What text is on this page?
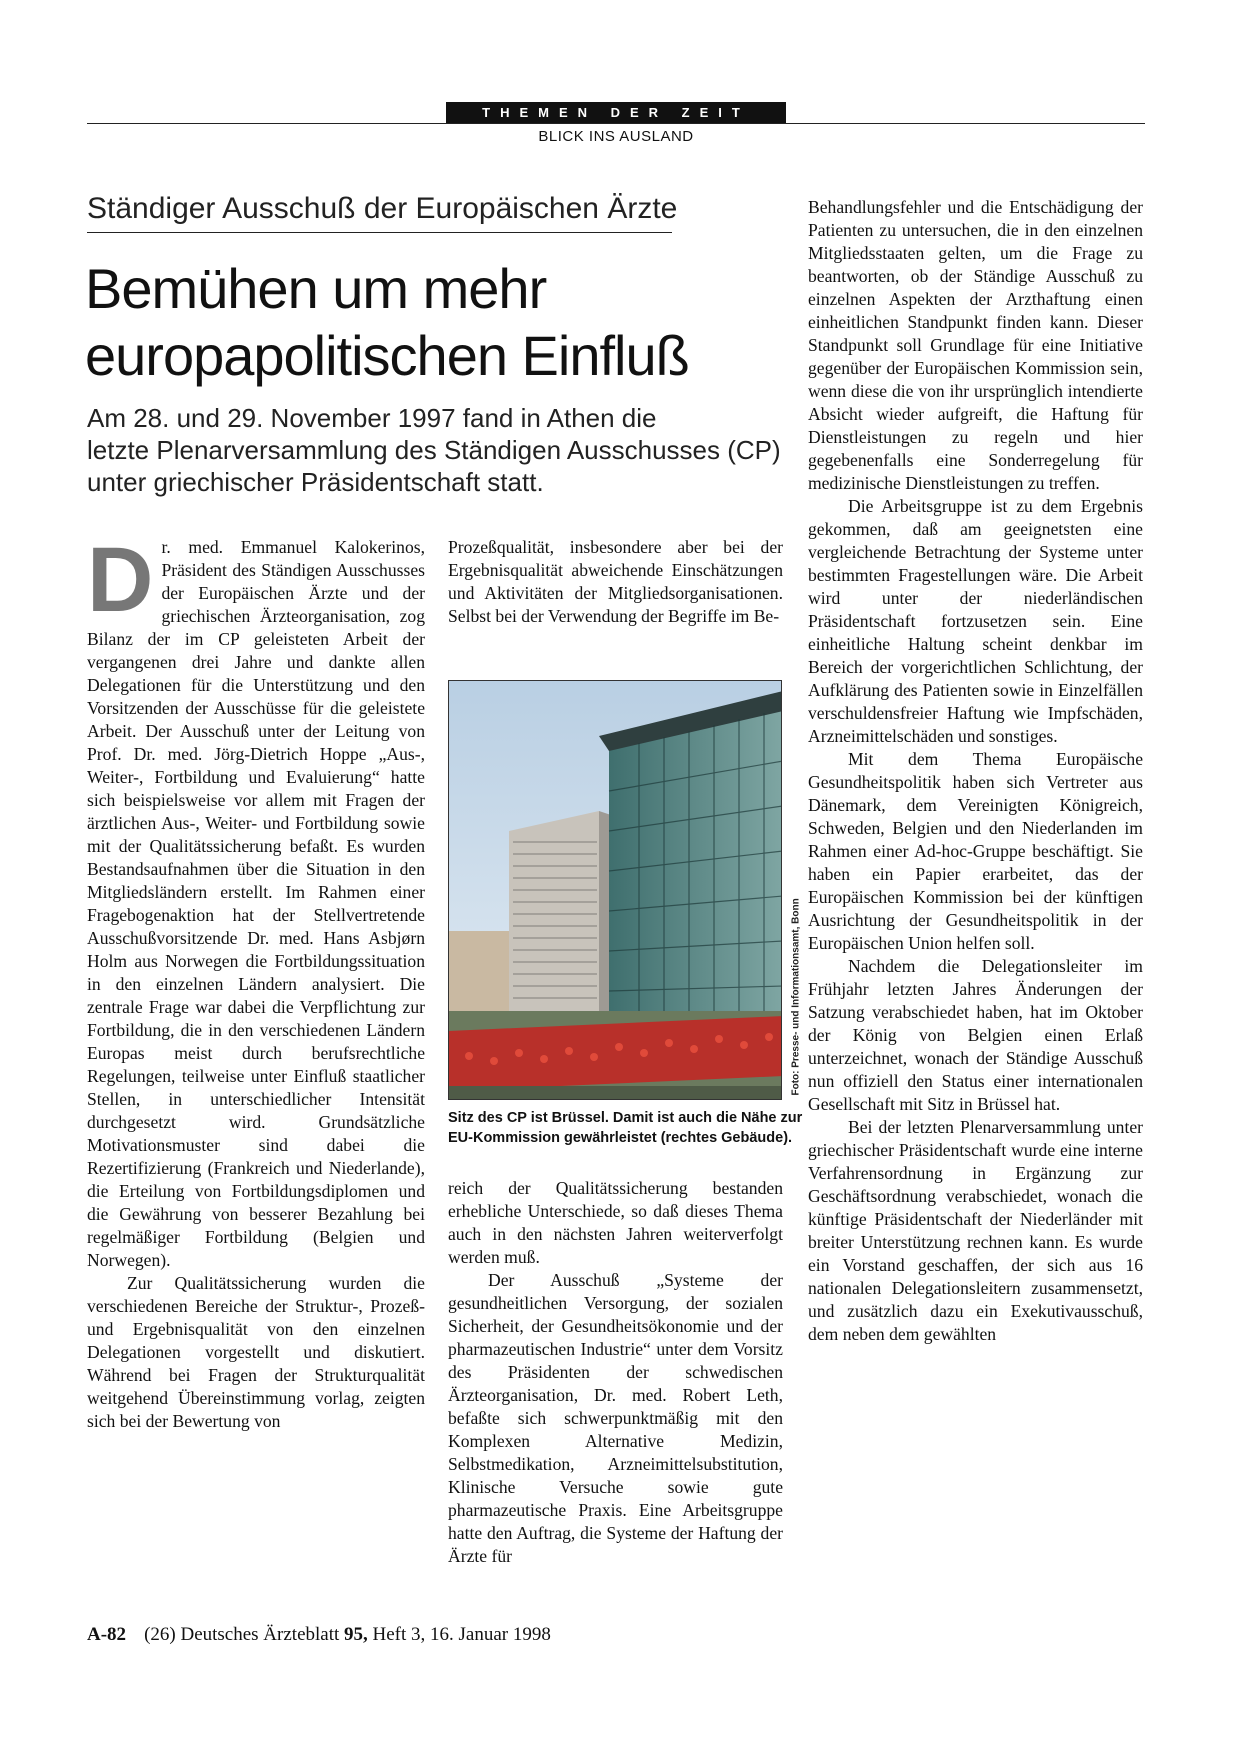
THEMEN DER ZEIT
BLICK INS AUSLAND
Ständiger Ausschuß der Europäischen Ärzte
Bemühen um mehr
europapolitischen Einfluß
Am 28. und 29. November 1997 fand in Athen die
letzte Plenarversammlung des Ständigen Ausschusses (CP)
unter griechischer Präsidentschaft statt.
D r. med. Emmanuel Kalokerinos, Präsident des Ständigen Ausschusses der Europäischen Ärzte und der griechischen Ärzteorganisation, zog Bilanz der im CP geleisteten Arbeit der vergangenen drei Jahre und dankte allen Delegationen für die Unterstützung und den Vorsitzenden der Ausschüsse für die geleistete Arbeit. Der Ausschuß unter der Leitung von Prof. Dr. med. Jörg-Dietrich Hoppe „Aus-, Weiter-, Fortbildung und Evaluierung“ hatte sich beispielsweise vor allem mit Fragen der ärztlichen Aus-, Weiter- und Fortbildung sowie mit der Qualitätssicherung befaßt. Es wurden Bestandsaufnahmen über die Situation in den Mitgliedsländern erstellt. Im Rahmen einer Fragebogenaktion hat der Stellvertretende Ausschußvorsitzende Dr. med. Hans Asbjørn Holm aus Norwegen die Fortbildungssituation in den einzelnen Ländern analysiert. Die zentrale Frage war dabei die Verpflichtung zur Fortbildung, die in den verschiedenen Ländern Europas meist durch berufsrechtliche Regelungen, teilweise unter Einfluß staatlicher Stellen, in unterschiedlicher Intensität durchgesetzt wird. Grundsätzliche Motivationsmuster sind dabei die Rezertifizierung (Frankreich und Niederlande), die Erteilung von Fortbildungsdiplomen und die Gewährung von besserer Bezahlung bei regelmäßiger Fortbildung (Belgien und Norwegen).

Zur Qualitätssicherung wurden die verschiedenen Bereiche der Struktur-, Prozeß- und Ergebnisqualität von den einzelnen Delegationen vorgestellt und diskutiert. Während bei Fragen der Strukturqualität weitgehend Übereinstimmung vorlag, zeigten sich bei der Bewertung von

Prozeßqualität, insbesondere aber bei der Ergebnisqualität abweichende Einschätzungen und Aktivitäten der Mitgliedsorganisationen. Selbst bei der Verwendung der Begriffe im Be-

Foto: Presse- und Informationsamt, Bonn
Sitz des CP ist Brüssel. Damit ist auch die Nähe zur
EU-Kommission gewährleistet (rechtes Gebäude).

reich der Qualitätssicherung bestanden erhebliche Unterschiede, so daß dieses Thema auch in den nächsten Jahren weiterverfolgt werden muß.

Der Ausschuß „Systeme der gesundheitlichen Versorgung, der sozialen Sicherheit, der Gesundheitsökonomie und der pharmazeutischen Industrie“ unter dem Vorsitz des Präsidenten der schwedischen Ärzteorganisation, Dr. med. Robert Leth, befaßte sich schwerpunktmäßig mit den Komplexen Alternative Medizin, Selbstmedikation, Arzneimittelsubstitution, Klinische Versuche sowie gute pharmazeutische Praxis. Eine Arbeitsgruppe hatte den Auftrag, die Systeme der Haftung der Ärzte für

Behandlungsfehler und die Entschädigung der Patienten zu untersuchen, die in den einzelnen Mitgliedsstaaten gelten, um die Frage zu beantworten, ob der Ständige Ausschuß zu einzelnen Aspekten der Arzthaftung einen einheitlichen Standpunkt finden kann. Dieser Standpunkt soll Grundlage für eine Initiative gegenüber der Europäischen Kommission sein, wenn diese die von ihr ursprünglich intendierte Absicht wieder aufgreift, die Haftung für Dienstleistungen zu regeln und hier gegebenenfalls eine Sonderregelung für medizinische Dienstleistungen zu treffen.

Die Arbeitsgruppe ist zu dem Ergebnis gekommen, daß am geeignetsten eine vergleichende Betrachtung der Systeme unter bestimmten Fragestellungen wäre. Die Arbeit wird unter der niederländischen Präsidentschaft fortzusetzen sein. Eine einheitliche Haltung scheint denkbar im Bereich der vorgerichtlichen Schlichtung, der Aufklärung des Patienten sowie in Einzelfällen verschuldensfreier Haftung wie Impfschäden, Arzneimittelschäden und sonstiges.

Mit dem Thema Europäische Gesundheitspolitik haben sich Vertreter aus Dänemark, dem Vereinigten Königreich, Schweden, Belgien und den Niederlanden im Rahmen einer Ad-hoc-Gruppe beschäftigt. Sie haben ein Papier erarbeitet, das der Europäischen Kommission bei der künftigen Ausrichtung der Gesundheitspolitik in der Europäischen Union helfen soll.

Nachdem die Delegationsleiter im Frühjahr letzten Jahres Änderungen der Satzung verabschiedet haben, hat im Oktober der König von Belgien einen Erlaß unterzeichnet, wonach der Ständige Ausschuß nun offiziell den Status einer internationalen Gesellschaft mit Sitz in Brüssel hat.

Bei der letzten Plenarversammlung unter griechischer Präsidentschaft wurde eine interne Verfahrensordnung in Ergänzung zur Geschäftsordnung verabschiedet, wonach die künftige Präsidentschaft der Niederländer mit breiter Unterstützung rechnen kann. Es wurde ein Vorstand geschaffen, der sich aus 16 nationalen Delegationsleitern zusammensetzt, und zusätzlich dazu ein Exekutivausschuß, dem neben dem gewählten

A-82 (26) Deutsches Ärzteblatt 95, Heft 3, 16. Januar 1998
